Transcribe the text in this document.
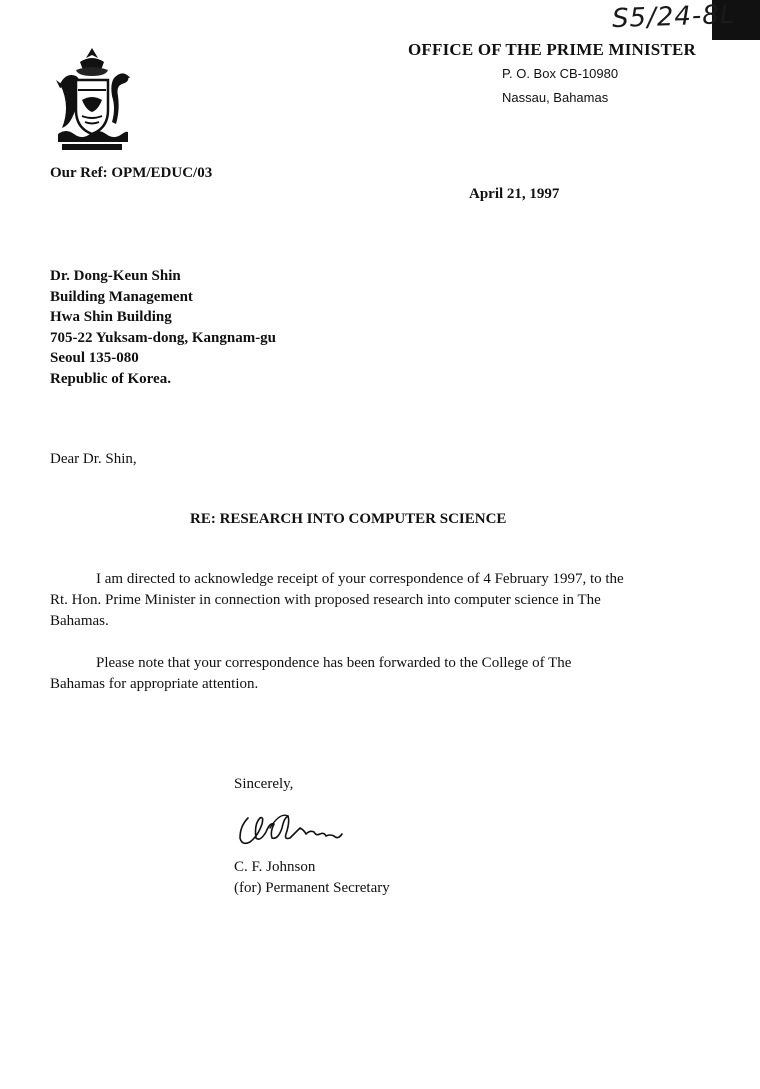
S5/24-8L
OFFICE OF THE PRIME MINISTER
P. O. Box CB-10980
Nassau, Bahamas
Our Ref: OPM/EDUC/03
April 21, 1997
Dr. Dong-Keun Shin
Building Management
Hwa Shin Building
705-22 Yuksam-dong, Kangnam-gu
Seoul 135-080
Republic of Korea.
Dear Dr. Shin,
RE: RESEARCH INTO COMPUTER SCIENCE
I am directed to acknowledge receipt of your correspondence of 4 February 1997, to the Rt. Hon. Prime Minister in connection with proposed research into computer science in The Bahamas.
Please note that your correspondence has been forwarded to the College of The Bahamas for appropriate attention.
Sincerely,
C. F. Johnson
(for) Permanent Secretary
